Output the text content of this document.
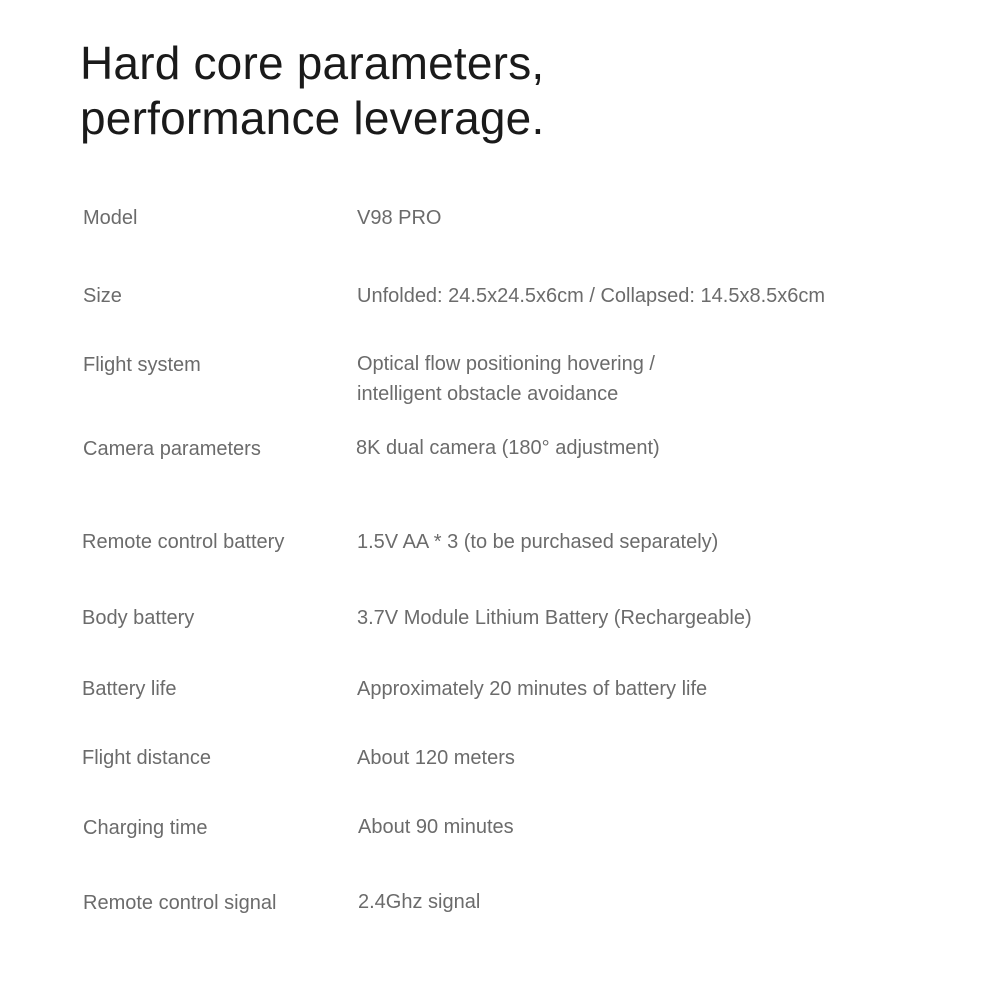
Hard core parameters,
performance leverage.
Model	V98 PRO
Size	Unfolded: 24.5x24.5x6cm / Collapsed: 14.5x8.5x6cm
Flight system	Optical flow positioning hovering /
intelligent obstacle avoidance
Camera parameters	8K dual camera (180° adjustment)
Remote control battery	1.5V AA * 3 (to be purchased separately)
Body battery	3.7V Module Lithium Battery (Rechargeable)
Battery life	Approximately 20 minutes of battery life
Flight distance	About 120 meters
Charging time	About 90 minutes
Remote control signal	2.4Ghz signal
